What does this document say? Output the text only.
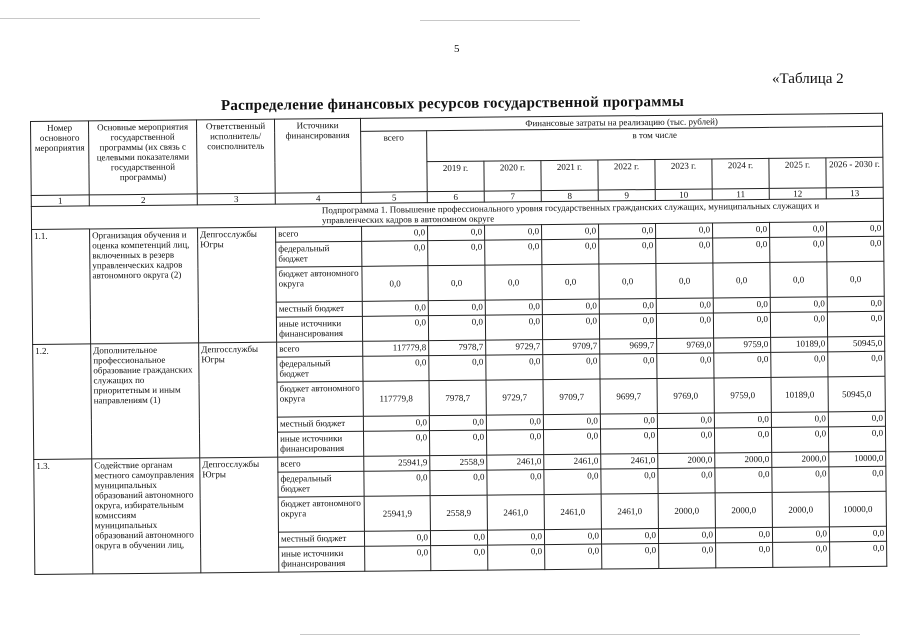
5
«Таблица 2
Распределение финансовых ресурсов государственной программы
Номер основного мероприятия	Основные мероприятия государственной программы (их связь с целевыми показателями государственной программы)	Ответственный исполнитель/соисполнитель	Источники финансирования	Финансовые затраты на реализацию (тыс. рублей)								
				всего	в том числе							
					2019 г.	2020 г.	2021 г.	2022 г.	2023 г.	2024 г.	2025 г.	2026 - 2030 г.
1	2	3	4	5	6	7	8	9	10	11	12	13
Подпрограмма 1. Повышение профессионального уровня государственных гражданских служащих, муниципальных служащих и управленческих кадров в автономном округе												
1.1.	Организация обучения и оценка компетенций лиц, включенных в резерв управленческих кадров автономного округа (2)	Депгосслужбы Югры	всего	0,0	0,0	0,0	0,0	0,0	0,0	0,0	0,0	0,0
			федеральный бюджет	0,0	0,0	0,0	0,0	0,0	0,0	0,0	0,0	0,0
			бюджет автономного округа	0,0	0,0	0,0	0,0	0,0	0,0	0,0	0,0	0,0
			местный бюджет	0,0	0,0	0,0	0,0	0,0	0,0	0,0	0,0	0,0
			иные источники финансирования	0,0	0,0	0,0	0,0	0,0	0,0	0,0	0,0	0,0
1.2.	Дополнительное профессиональное образование гражданских служащих по приоритетным и иным направлениям (1)	Депгосслужбы Югры	всего	117779,8	7978,7	9729,7	9709,7	9699,7	9769,0	9759,0	10189,0	50945,0
			федеральный бюджет	0,0	0,0	0,0	0,0	0,0	0,0	0,0	0,0	0,0
			бюджет автономного округа	117779,8	7978,7	9729,7	9709,7	9699,7	9769,0	9759,0	10189,0	50945,0
			местный бюджет	0,0	0,0	0,0	0,0	0,0	0,0	0,0	0,0	0,0
			иные источники финансирования	0,0	0,0	0,0	0,0	0,0	0,0	0,0	0,0	0,0
1.3.	Содействие органам местного самоуправления муниципальных образований автономного округа, избирательным комиссиям муниципальных образований автономного округа в обучении лиц,	Депгосслужбы Югры	всего	25941,9	2558,9	2461,0	2461,0	2461,0	2000,0	2000,0	2000,0	10000,0
			федеральный бюджет	0,0	0,0	0,0	0,0	0,0	0,0	0,0	0,0	0,0
			бюджет автономного округа	25941,9	2558,9	2461,0	2461,0	2461,0	2000,0	2000,0	2000,0	10000,0
			местный бюджет	0,0	0,0	0,0	0,0	0,0	0,0	0,0	0,0	0,0
			иные источники финансирования	0,0	0,0	0,0	0,0	0,0	0,0	0,0	0,0	0,0
